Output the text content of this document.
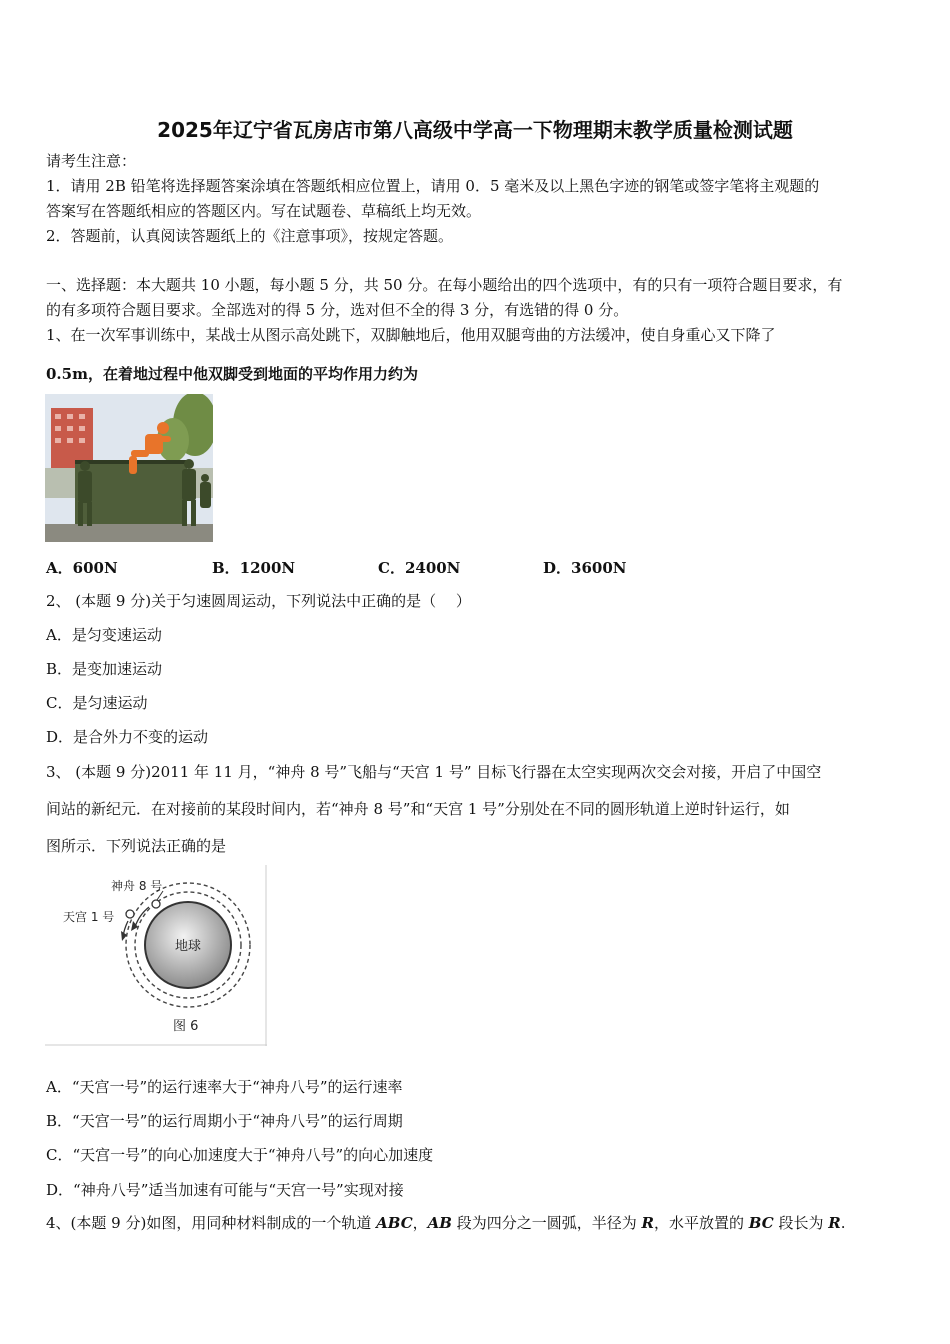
2025年辽宁省瓦房店市第八高级中学高一下物理期末教学质量检测试题
请考生注意：
1．请用 2B 铅笔将选择题答案涂填在答题纸相应位置上，请用 0．5 毫米及以上黑色字迹的钢笔或签字笔将主观题的
答案写在答题纸相应的答题区内。写在试题卷、草稿纸上均无效。
2．答题前，认真阅读答题纸上的《注意事项》，按规定答题。
一、选择题：本大题共 10 小题，每小题 5 分，共 50 分。在每小题给出的四个选项中，有的只有一项符合题目要求，有
的有多项符合题目要求。全部选对的得 5 分，选对但不全的得 3 分，有选错的得 0 分。
1、在一次军事训练中，某战士从图示高处跳下，双脚触地后，他用双腿弯曲的方法缓冲，使自身重心又下降了
0.5m，在着地过程中他双脚受到地面的平均作用力约为
A．600N	B．1200N	C．2400N	D．3600N
2、 (本题 9 分)关于匀速圆周运动，下列说法中正确的是（　 ）
A．是匀变速运动
B．是变加速运动
C．是匀速运动
D．是合外力不变的运动
3、 (本题 9 分)2011 年 11 月，“神舟 8 号”飞船与“天宫 1 号” 目标飞行器在太空实现两次交会对接，开启了中国空
间站的新纪元．在对接前的某段时间内，若“神舟 8 号”和“天宫 1 号”分别处在不同的圆形轨道上逆时针运行，如
图所示．下列说法正确的是
地球
神舟 8 号
天宫 1 号
图 6
A．“天宫一号”的运行速率大于“神舟八号”的运行速率
B．“天宫一号”的运行周期小于“神舟八号”的运行周期
C．“天宫一号”的向心加速度大于“神舟八号”的向心加速度
D．“神舟八号”适当加速有可能与“天宫一号”实现对接
4、(本题 9 分)如图，用同种材料制成的一个轨道 ABC，AB 段为四分之一圆弧，半径为 R，水平放置的 BC 段长为 R.
